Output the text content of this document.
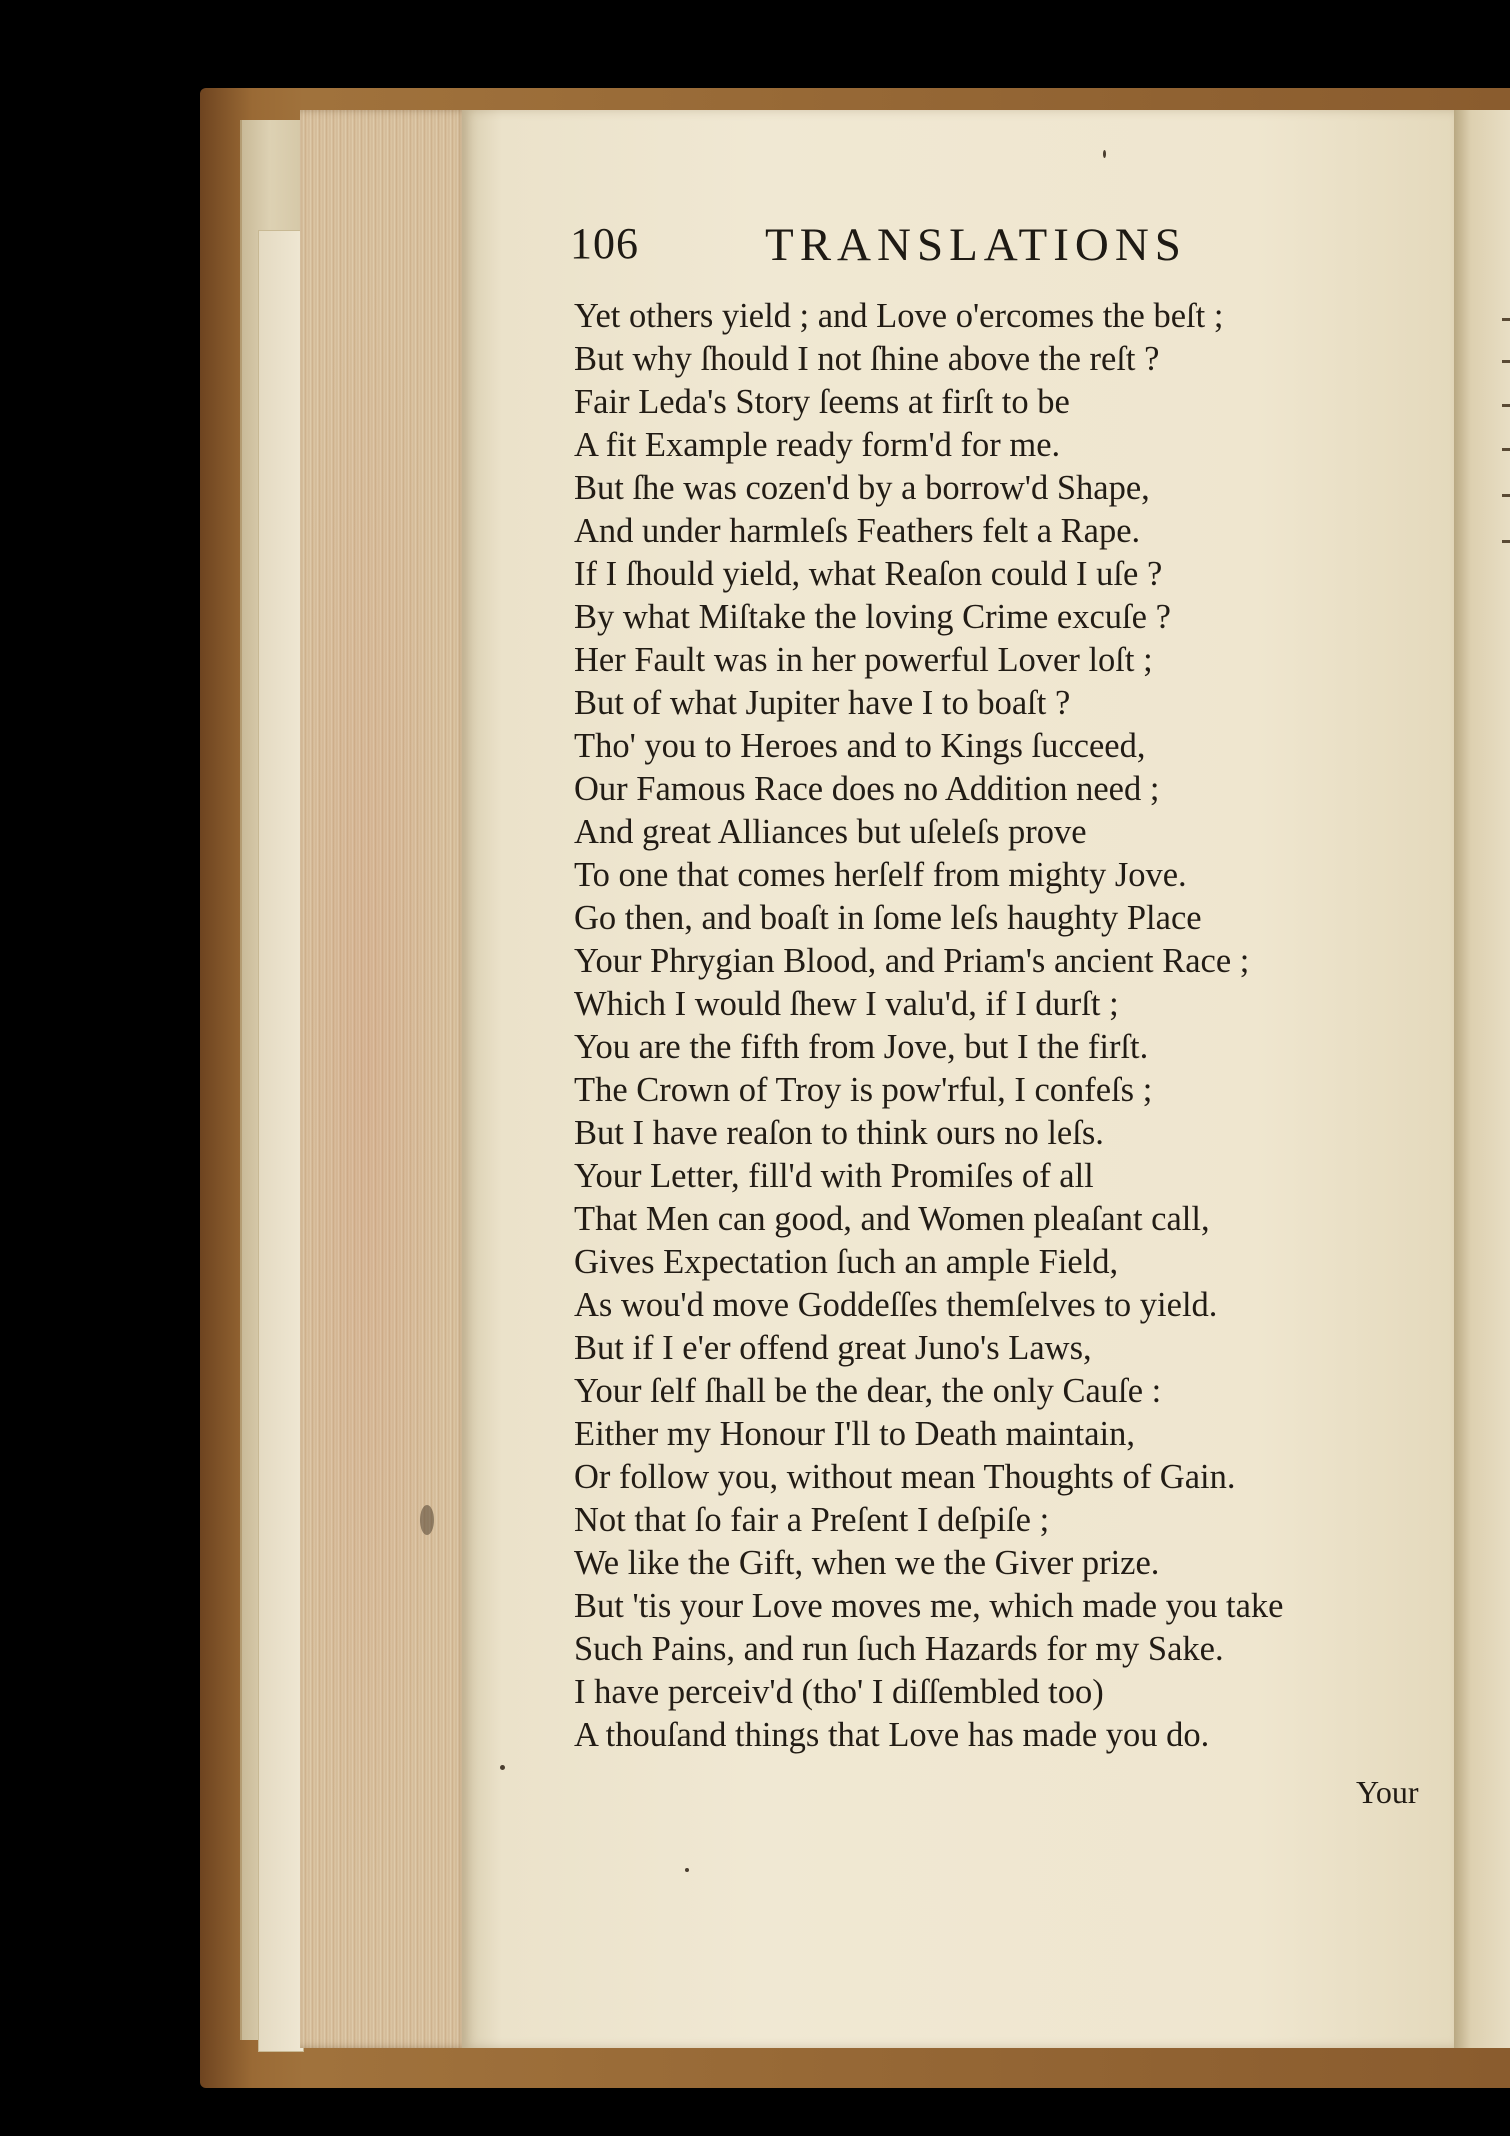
106	TRANSLATIONS
Yet others yield ; and Love o'ercomes the beſt ;
But why ſhould I not ſhine above the reſt ?
Fair Leda's Story ſeems at firſt to be
A fit Example ready form'd for me.
But ſhe was cozen'd by a borrow'd Shape,
And under harmleſs Feathers felt a Rape.
If I ſhould yield, what Reaſon could I uſe ?
By what Miſtake the loving Crime excuſe ?
Her Fault was in her powerful Lover loſt ;
But of what Jupiter have I to boaſt ?
Tho' you to Heroes and to Kings ſucceed,
Our Famous Race does no Addition need ;
And great Alliances but uſeleſs prove
To one that comes herſelf from mighty Jove.
Go then, and boaſt in ſome leſs haughty Place
Your Phrygian Blood, and Priam's ancient Race ;
Which I would ſhew I valu'd, if I durſt ;
You are the fifth from Jove, but I the firſt.
The Crown of Troy is pow'rful, I confeſs ;
But I have reaſon to think ours no leſs.
Your Letter, fill'd with Promiſes of all
That Men can good, and Women pleaſant call,
Gives Expectation ſuch an ample Field,
As wou'd move Goddeſſes themſelves to yield.
But if I e'er offend great Juno's Laws,
Your ſelf ſhall be the dear, the only Cauſe :
Either my Honour I'll to Death maintain,
Or follow you, without mean Thoughts of Gain.
Not that ſo fair a Preſent I deſpiſe ;
We like the Gift, when we the Giver prize.
But 'tis your Love moves me, which made you take
Such Pains, and run ſuch Hazards for my Sake.
I have perceiv'd (tho' I diſſembled too)
A thouſand things that Love has made you do.
Your
